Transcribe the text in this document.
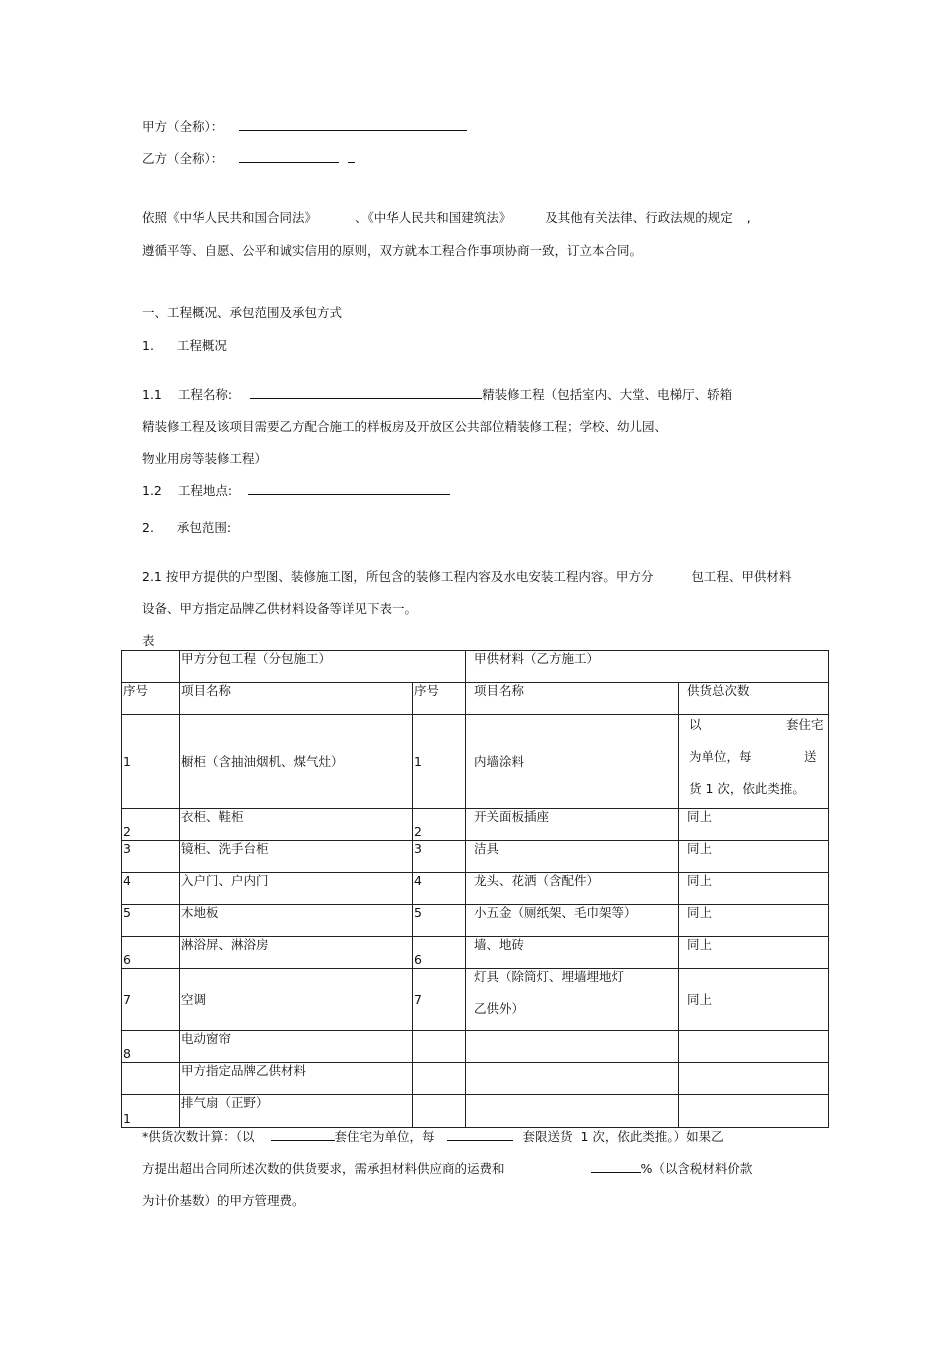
甲方（全称）：
乙方（全称）：
依照《中华人民共和国合同法》	、《中华人民共和国建筑法》	及其他有关法律、行政法规的规定 ,
遵循平等、自愿、公平和诚实信用的原则，双方就本工程合作事项协商一致，订立本合同。
一、工程概况、承包范围及承包方式
1. 工程概况
1.1 工程名称:	精装修工程（包括室内、大堂、电梯厅、轿箱
精装修工程及该项目需要乙方配合施工的样板房及开放区公共部位精装修工程；学校、幼儿园、
物业用房等装修工程）
1.2 工程地点:
2. 承包范围:
2.1 按甲方提供的户型图、装修施工图，所包含的装修工程内容及水电安装工程内容。甲方分	包工程、甲供材料
设备、甲方指定品牌乙供材料设备等详见下表一。
表
	甲方分包工程（分包施工）		甲供材料（乙方施工）	
序号	项目名称	序号	项目名称	供货总次数
1	橱柜（含抽油烟机、煤气灶）	1	内墙涂料	以 套住宅
为单位，每 送
货 1 次，依此类推。

2	衣柜、鞋柜	2	开关面板插座	同上
3	镜柜、洗手台柜	3	洁具	同上
4	入户门、户内门	4	龙头、花洒（含配件）	同上
5	木地板	5	小五金（厕纸架、毛巾架等）	同上
6	淋浴屏、淋浴房	6	墙、地砖	同上
7	空调	7	灯具（除筒灯、埋墙埋地灯
乙供外）	同上
8	电动窗帘			
	甲方指定品牌乙供材料			
1	排气扇（正野）			
*供货次数计算：（以	套住宅为单位，每	套限送货 1 次，依此类推。）如果乙
方提出超出合同所述次数的供货要求，需承担材料供应商的运费和	%（以含税材料价款
为计价基数）的甲方管理费。
